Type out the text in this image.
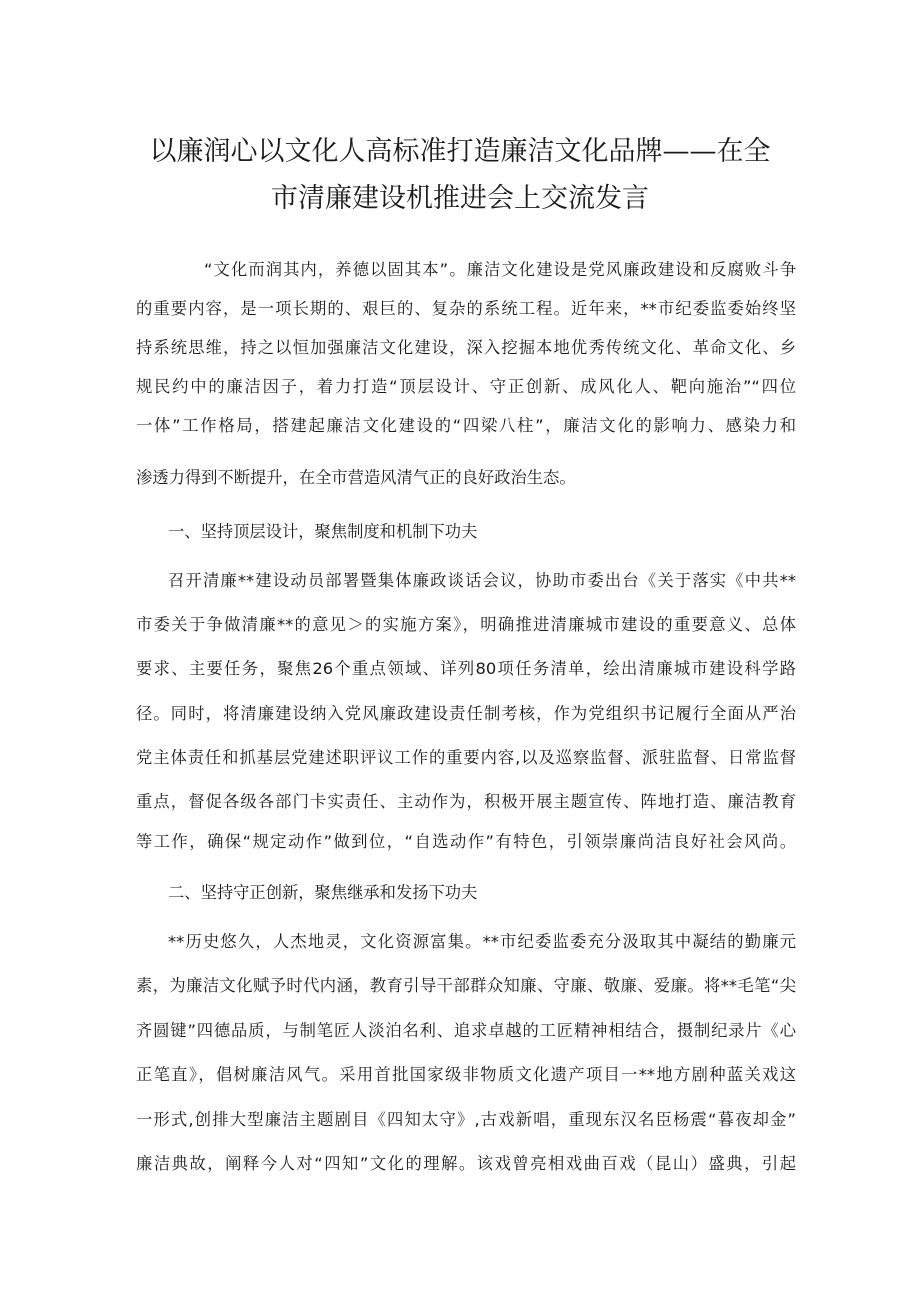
以廉润心以文化人高标准打造廉洁文化品牌——在全
市清廉建设机推进会上交流发言

“文化而润其内，养德以固其本”。廉洁文化建设是党风廉政建设和反腐败斗争

的重要内容，是一项长期的、艰巨的、复杂的系统工程。近年来，**市纪委监委始终坚

持系统思维，持之以恒加强廉洁文化建设，深入挖掘本地优秀传统文化、革命文化、乡

规民约中的廉洁因子，着力打造“顶层设计、守正创新、成风化人、靶向施治”“四位

一体”工作格局，搭建起廉洁文化建设的“四梁八柱”，廉洁文化的影响力、感染力和

渗透力得到不断提升，在全市营造风清气正的良好政治生态。

一、坚持顶层设计，聚焦制度和机制下功夫

召开清廉**建设动员部署暨集体廉政谈话会议，协助市委出台《关于落实《中共**

市委关于争做清廉**的意见＞的实施方案》，明确推进清廉城市建设的重要意义、总体

要求、主要任务，聚焦26个重点领域、详列80项任务清单，绘出清廉城市建设科学路

径。同时，将清廉建设纳入党风廉政建设责任制考核，作为党组织书记履行全面从严治

党主体责任和抓基层党建述职评议工作的重要内容,以及巡察监督、派驻监督、日常监督

重点，督促各级各部门卡实责任、主动作为，积极开展主题宣传、阵地打造、廉洁教育

等工作，确保“规定动作”做到位，“自选动作”有特色，引领崇廉尚洁良好社会风尚。

二、坚持守正创新，聚焦继承和发扬下功夫

**历史悠久，人杰地灵，文化资源富集。**市纪委监委充分汲取其中凝结的勤廉元

素，为廉洁文化赋予时代内涵，教育引导干部群众知廉、守廉、敬廉、爱廉。将**毛笔“尖

齐圆键”四德品质，与制笔匠人淡泊名利、追求卓越的工匠精神相结合，摄制纪录片《心

正笔直》，倡树廉洁风气。采用首批国家级非物质文化遗产项目一**地方剧种蓝关戏这

一形式,创排大型廉洁主题剧目《四知太守》,古戏新唱，重现东汉名臣杨震“暮夜却金”

廉洁典故，阐释今人对“四知”文化的理解。该戏曾亮相戏曲百戏（昆山）盛典，引起
